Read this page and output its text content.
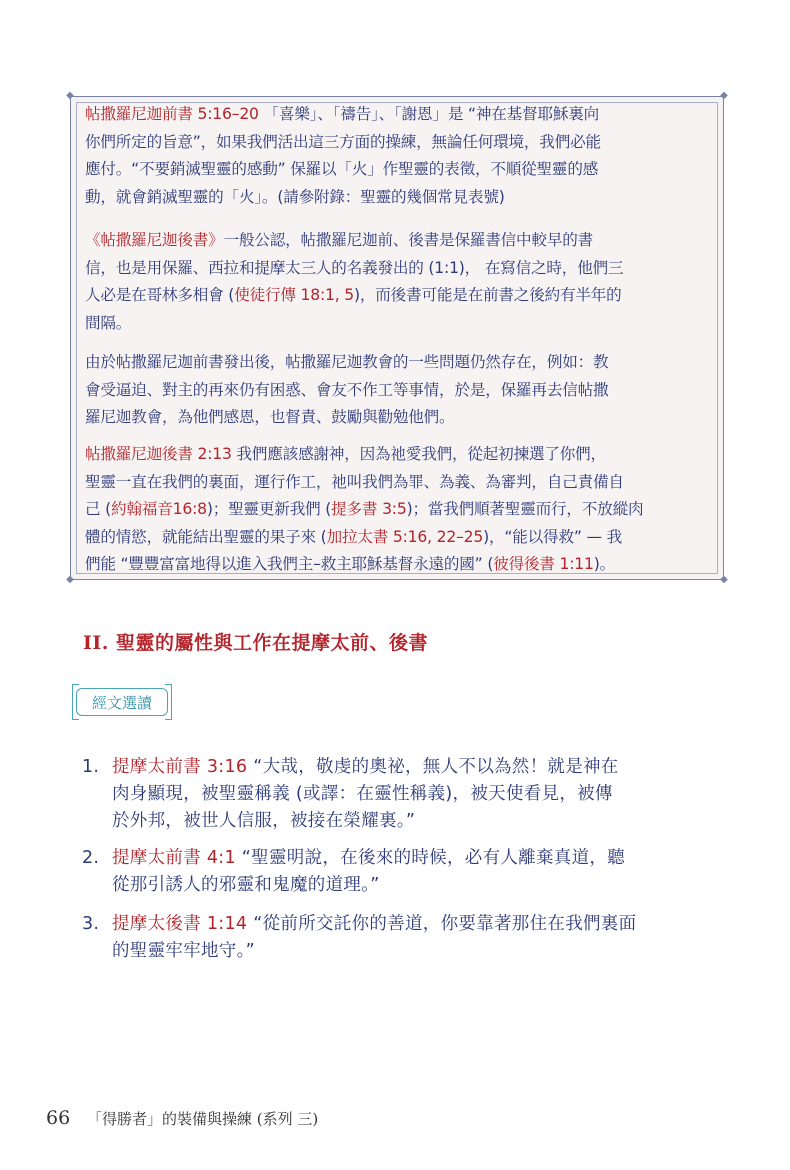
◆	◆
◆	◆
帖撒羅尼迦前書 5:16–20 「喜樂」、「禱告」、「謝恩」是 “神在基督耶穌裏向
你們所定的旨意”，如果我們活出這三方面的操練，無論任何環境，我們必能
應付。“不要銷滅聖靈的感動” 保羅以「火」作聖靈的表徵，不順從聖靈的感
動，就會銷滅聖靈的「火」。(請參附錄：聖靈的幾個常見表號)
《帖撒羅尼迦後書》一般公認，帖撒羅尼迦前、後書是保羅書信中較早的書
信，也是用保羅、西拉和提摩太三人的名義發出的 (1:1)， 在寫信之時，他們三
人必是在哥林多相會 (使徒行傳 18:1, 5)，而後書可能是在前書之後約有半年的
間隔。
由於帖撒羅尼迦前書發出後，帖撒羅尼迦教會的一些問題仍然存在，例如：教
會受逼迫、對主的再來仍有困惑、會友不作工等事情，於是，保羅再去信帖撒
羅尼迦教會，為他們感恩，也督責、鼓勵與勸勉他們。
帖撒羅尼迦後書 2:13 我們應該感謝神，因為祂愛我們，從起初揀選了你們，
聖靈一直在我們的裏面，運行作工，祂叫我們為罪、為義、為審判，自己責備自
己 (約翰福音16:8)；聖靈更新我們 (提多書 3:5)；當我們順著聖靈而行，不放縱肉
體的情慾，就能結出聖靈的果子來 (加拉太書 5:16, 22–25)，“能以得救” — 我
們能 “豐豐富富地得以進入我們主–救主耶穌基督永遠的國” (彼得後書 1:11)。
II. 聖靈的屬性與工作在提摩太前、後書
經文選讀
1. 提摩太前書 3:16 “大哉，敬虔的奧祕，無人不以為然！就是神在
肉身顯現，被聖靈稱義 (或譯：在靈性稱義)，被天使看見，被傳
於外邦，被世人信服，被接在榮耀裏。”
2. 提摩太前書 4:1 “聖靈明說，在後來的時候，必有人離棄真道，聽
從那引誘人的邪靈和鬼魔的道理。”
3. 提摩太後書 1:14 “從前所交託你的善道，你要靠著那住在我們裏面
的聖靈牢牢地守。”
66 「得勝者」的裝備與操練 (系列 三)
